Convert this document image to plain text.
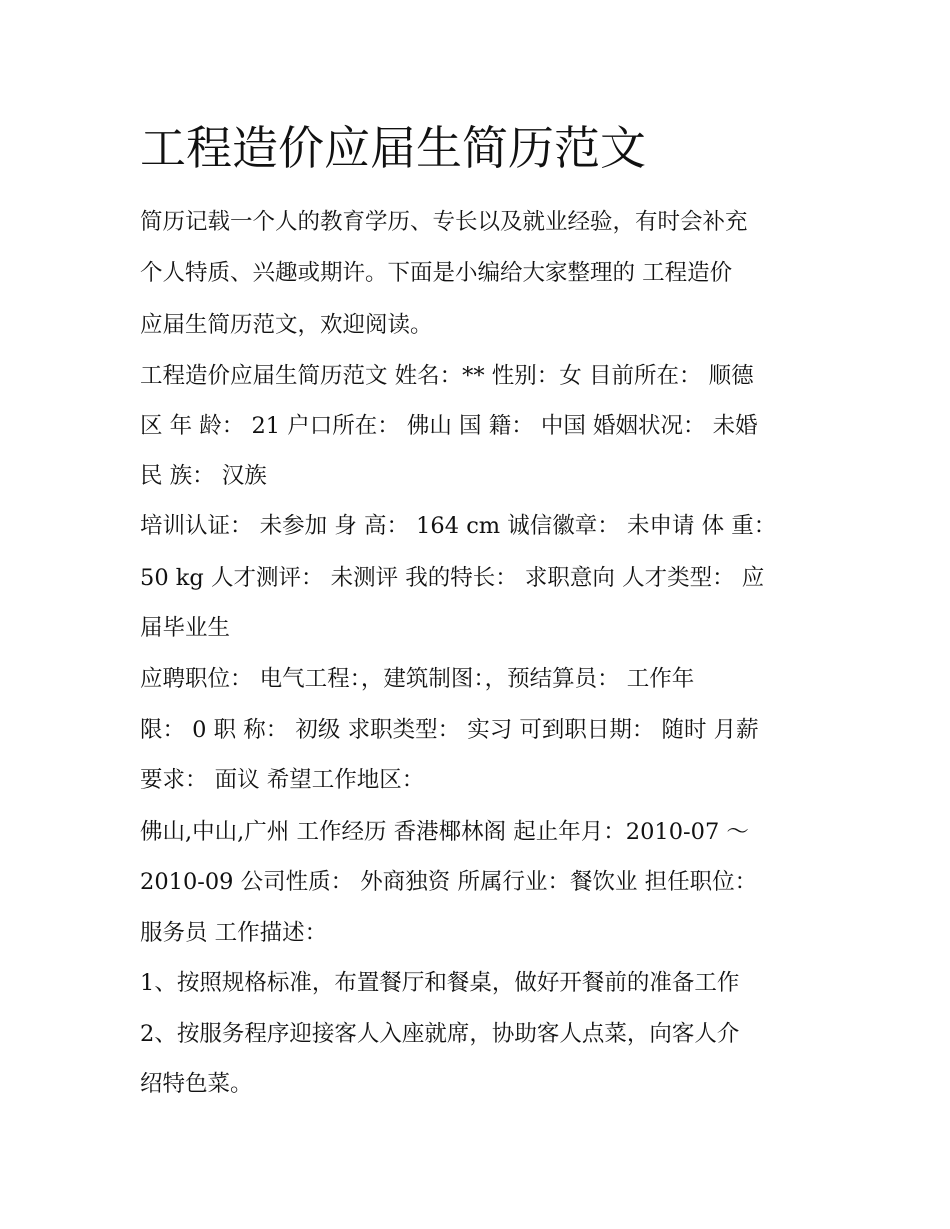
工程造价应届生简历范文

简历记载一个人的教育学历、专长以及就业经验，有时会补充

个人特质、兴趣或期许。下面是小编给大家整理的 工程造价

应届生简历范文，欢迎阅读。

工程造价应届生简历范文 姓名：** 性别：女 目前所在： 顺德

区 年 龄： 21 户口所在： 佛山 国 籍： 中国 婚姻状况： 未婚

民 族： 汉族

培训认证： 未参加 身 高： 164 cm 诚信徽章： 未申请 体 重：

50 kg 人才测评： 未测评 我的特长： 求职意向 人才类型： 应

届毕业生

应聘职位： 电气工程：，建筑制图：，预结算员： 工作年

限： 0 职 称： 初级 求职类型： 实习 可到职日期： 随时 月薪

要求： 面议 希望工作地区：

佛山,中山,广州 工作经历 香港椰林阁 起止年月：2010-07 ～

2010-09 公司性质： 外商独资 所属行业：餐饮业 担任职位：

服务员 工作描述：

1、按照规格标准，布置餐厅和餐桌，做好开餐前的准备工作

2、按服务程序迎接客人入座就席，协助客人点菜，向客人介

绍特色菜。
